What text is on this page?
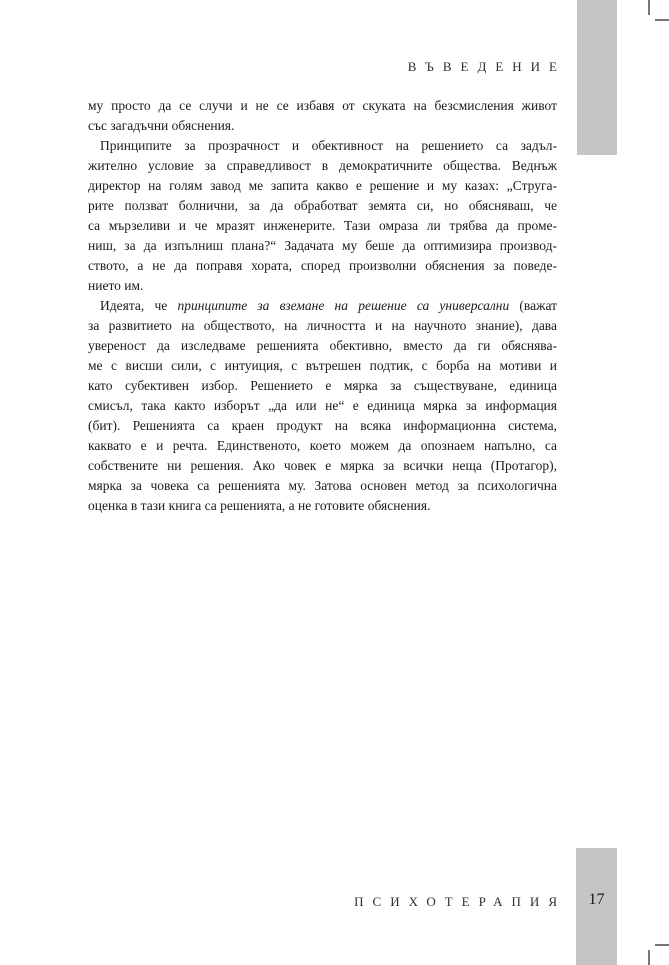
ВЪВЕДЕНИЕ
му просто да се случи и не се избавя от скуката на безсмисления живот
със загадъчни обяснения.
Принципите за прозрачност и обективност на решението са задъл-
жително условие за справедливост в демократичните общества. Веднъж
директор на голям завод ме запита какво е решение и му казах: „Струга-
рите ползват болнични, за да обработват земята си, но обясняваш, че
са мързеливи и че мразят инженерите. Тази омраза ли трябва да проме-
ниш, за да изпълниш плана?“ Задачата му беше да оптимизира производ-
ството, а не да поправя хората, според произволни обяснения за поведе-
нието им.
Идеята, че принципите за вземане на решение са универсални (важат
за развитието на обществото, на личността и на научното знание), дава
увереност да изследваме решенията обективно, вместо да ги обяснява-
ме с висши сили, с интуиция, с вътрешен подтик, с борба на мотиви и
като субективен избор. Решението е мярка за съществуване, единица
смисъл, така както изборът „да или не“ е единица мярка за информация
(бит). Решенията са краен продукт на всяка информационна система,
каквато е и речта. Единственото, което можем да опознаем напълно, са
собствените ни решения. Ако човек е мярка за всички неща (Протагор),
мярка за човека са решенията му. Затова основен метод за психологична
оценка в тази книга са решенията, а не готовите обяснения.
ПСИХОТЕРАПИЯ	17
